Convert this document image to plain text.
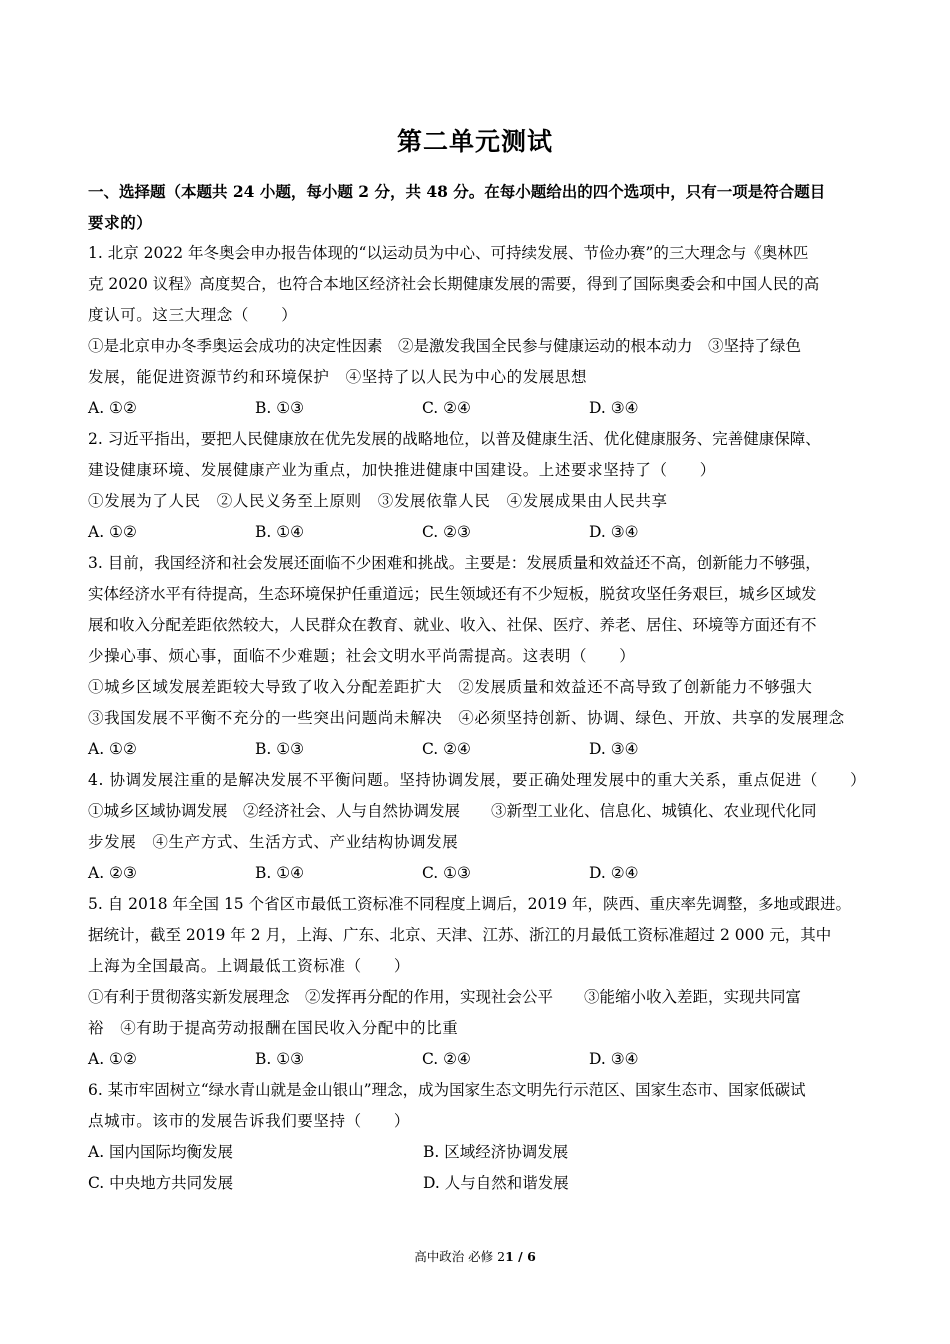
第二单元测试
一、选择题（本题共 24 小题，每小题 2 分，共 48 分。在每小题给出的四个选项中，只有一项是符合题目
要求的）
1. 北京 2022 年冬奥会申办报告体现的“以运动员为中心、可持续发展、节俭办赛”的三大理念与《奥林匹
克 2020 议程》高度契合，也符合本地区经济社会长期健康发展的需要，得到了国际奥委会和中国人民的高
度认可。这三大理念（　　）
①是北京申办冬季奥运会成功的决定性因素　②是激发我国全民参与健康运动的根本动力　③坚持了绿色
发展，能促进资源节约和环境保护　④坚持了以人民为中心的发展思想
A. ①②	B. ①③	C. ②④	D. ③④
2. 习近平指出，要把人民健康放在优先发展的战略地位，以普及健康生活、优化健康服务、完善健康保障、
建设健康环境、发展健康产业为重点，加快推进健康中国建设。上述要求坚持了（　　）
①发展为了人民　②人民义务至上原则　③发展依靠人民　④发展成果由人民共享
A. ①②	B. ①④	C. ②③	D. ③④
3. 目前，我国经济和社会发展还面临不少困难和挑战。主要是：发展质量和效益还不高，创新能力不够强，
实体经济水平有待提高，生态环境保护任重道远；民生领域还有不少短板，脱贫攻坚任务艰巨，城乡区域发
展和收入分配差距依然较大，人民群众在教育、就业、收入、社保、医疗、养老、居住、环境等方面还有不
少操心事、烦心事，面临不少难题；社会文明水平尚需提高。这表明（　　）
①城乡区域发展差距较大导致了收入分配差距扩大　②发展质量和效益还不高导致了创新能力不够强大
③我国发展不平衡不充分的一些突出问题尚未解决　④必须坚持创新、协调、绿色、开放、共享的发展理念
A. ①②	B. ①③	C. ②④	D. ③④
4. 协调发展注重的是解决发展不平衡问题。坚持协调发展，要正确处理发展中的重大关系，重点促进（　　）
①城乡区域协调发展　②经济社会、人与自然协调发展　　③新型工业化、信息化、城镇化、农业现代化同
步发展　④生产方式、生活方式、产业结构协调发展
A. ②③	B. ①④	C. ①③	D. ②④
5. 自 2018 年全国 15 个省区市最低工资标准不同程度上调后，2019 年，陕西、重庆率先调整，多地或跟进。
据统计，截至 2019 年 2 月，上海、广东、北京、天津、江苏、浙江的月最低工资标准超过 2 000 元，其中
上海为全国最高。上调最低工资标准（　　）
①有利于贯彻落实新发展理念　②发挥再分配的作用，实现社会公平　　③能缩小收入差距，实现共同富
裕　④有助于提高劳动报酬在国民收入分配中的比重
A. ①②	B. ①③	C. ②④	D. ③④
6. 某市牢固树立“绿水青山就是金山银山”理念，成为国家生态文明先行示范区、国家生态市、国家低碳试
点城市。该市的发展告诉我们要坚持（　　）
A. 国内国际均衡发展	B. 区域经济协调发展
C. 中央地方共同发展	D. 人与自然和谐发展
高中政治 必修 21 / 6
